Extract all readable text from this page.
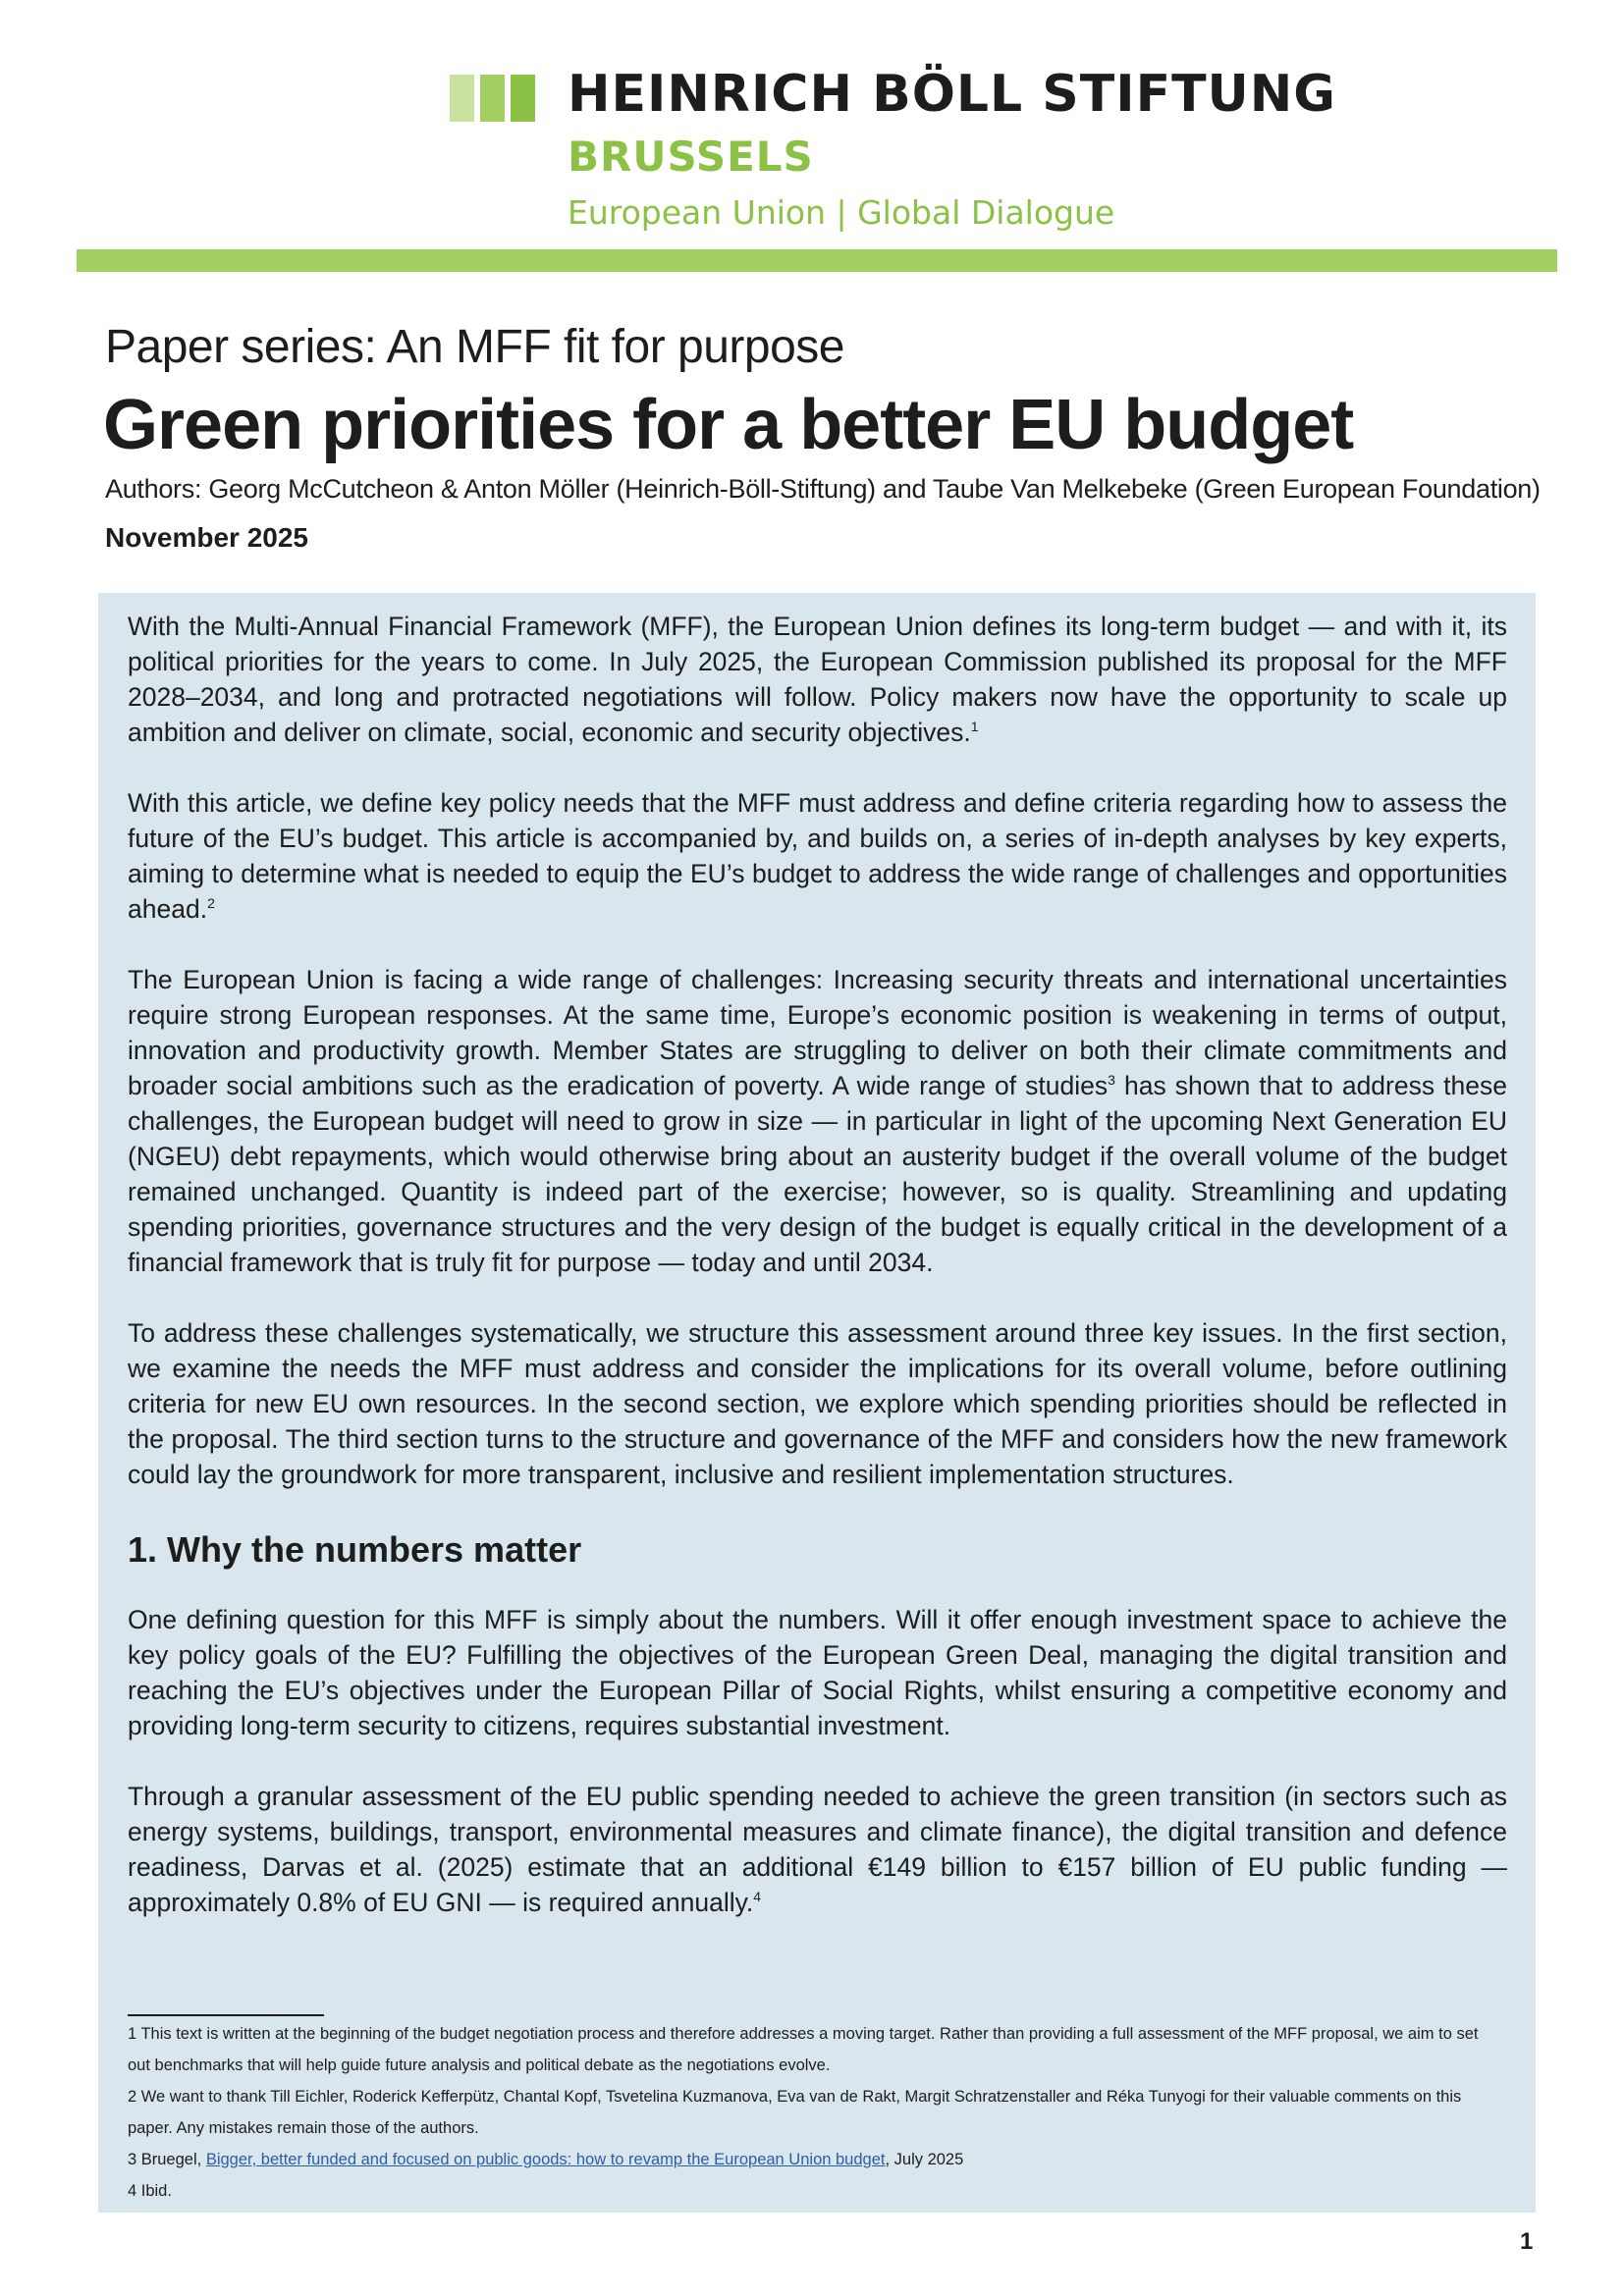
HEINRICH BÖLL STIFTUNG
BRUSSELS
European Union | Global Dialogue
Paper series: An MFF fit for purpose
Green priorities for a better EU budget
Authors: Georg McCutcheon & Anton Möller (Heinrich-Böll-Stiftung) and Taube Van Melkebeke (Green European Foundation)
November 2025

With the Multi-Annual Financial Framework (MFF), the European Union defines its long-term budget — and with it, its political priorities for the years to come. In July 2025, the European Commission published its proposal for the MFF 2028–2034, and long and protracted negotiations will follow. Policy makers now have the opportunity to scale up ambition and deliver on climate, social, economic and security objectives.$^1$

With this article, we define key policy needs that the MFF must address and define criteria regarding how to assess the future of the EU’s budget. This article is accompanied by, and builds on, a series of in-depth analyses by key experts, aiming to determine what is needed to equip the EU’s budget to address the wide range of challenges and opportunities ahead.$^2$

The European Union is facing a wide range of challenges: Increasing security threats and international uncertainties require strong European responses. At the same time, Europe’s economic position is weakening in terms of output, innovation and productivity growth. Member States are struggling to deliver on both their climate commitments and broader social ambitions such as the eradication of poverty. A wide range of studies$^3$ has shown that to address these challenges, the European budget will need to grow in size — in particular in light of the upcoming Next Generation EU (NGEU) debt repayments, which would otherwise bring about an austerity budget if the overall volume of the budget remained unchanged. Quantity is indeed part of the exercise; however, so is quality. Streamlining and updating spending priorities, governance structures and the very design of the budget is equally critical in the development of a financial framework that is truly fit for purpose — today and until 2034.

To address these challenges systematically, we structure this assessment around three key issues. In the first section, we examine the needs the MFF must address and consider the implications for its overall volume, before outlining criteria for new EU own resources. In the second section, we explore which spending priorities should be reflected in the proposal. The third section turns to the structure and governance of the MFF and considers how the new framework could lay the groundwork for more transparent, inclusive and resilient implementation structures.

1. Why the numbers matter

One defining question for this MFF is simply about the numbers. Will it offer enough investment space to achieve the key policy goals of the EU? Fulfilling the objectives of the European Green Deal, managing the digital transition and reaching the EU’s objectives under the European Pillar of Social Rights, whilst ensuring a competitive economy and providing long-term security to citizens, requires substantial investment.

Through a granular assessment of the EU public spending needed to achieve the green transition (in sectors such as energy systems, buildings, transport, environmental measures and climate finance), the digital transition and defence readiness, Darvas et al. (2025) estimate that an additional €149 billion to €157 billion of EU public funding — approximately 0.8% of EU GNI — is required annually.$^4$

1 This text is written at the beginning of the budget negotiation process and therefore addresses a moving target. Rather than providing a full assessment of the MFF proposal, we aim to set out benchmarks that will help guide future analysis and political debate as the negotiations evolve.
2 We want to thank Till Eichler, Roderick Kefferpütz, Chantal Kopf, Tsvetelina Kuzmanova, Eva van de Rakt, Margit Schratzenstaller and Réka Tunyogi for their valuable comments on this paper. Any mistakes remain those of the authors.
3 Bruegel, Bigger, better funded and focused on public goods: how to revamp the European Union budget, July 2025
4 Ibid.
1
